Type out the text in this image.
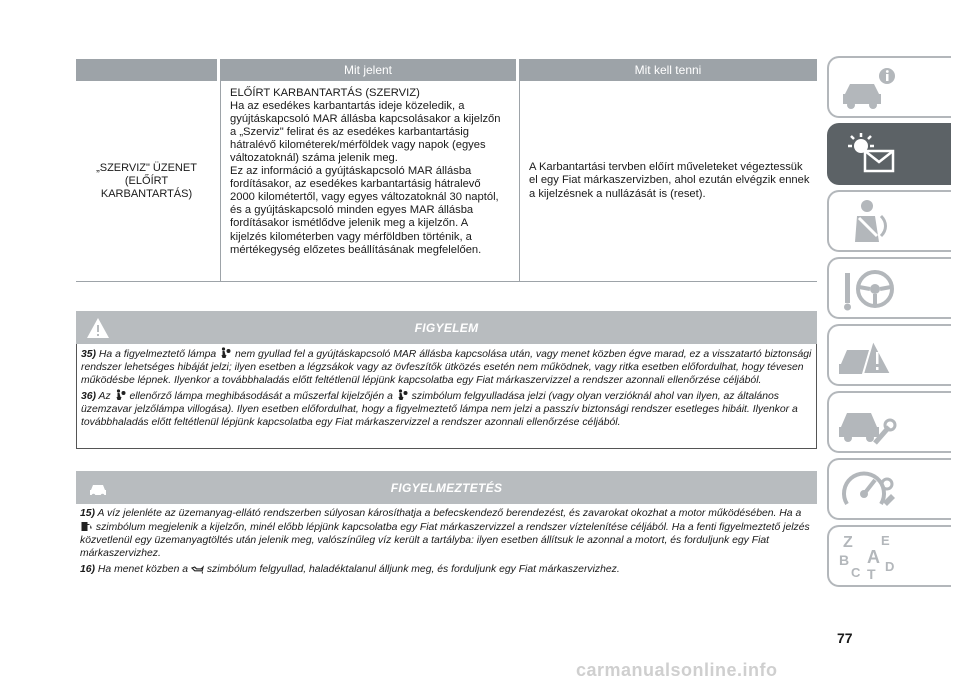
Mit jelent	Mit kell tenni
„SZERVIZ" ÜZENET
(ELŐÍRT
KARBANTARTÁS)
ELŐÍRT KARBANTARTÁS (SZERVIZ)
Ha az esedékes karbantartás ideje közeledik, a
gyújtáskapcsoló MAR állásba kapcsolásakor a kijelzőn
a „Szerviz" felirat és az esedékes karbantartásig
hátralévő kilométerek/mérföldek vagy napok (egyes
változatoknál) száma jelenik meg.
Ez az információ a gyújtáskapcsoló MAR állásba
fordításakor, az esedékes karbantartásig hátralevő
2000 kilométertől, vagy egyes változatoknál 30 naptól,
és a gyújtáskapcsoló minden egyes MAR állásba
fordításakor ismétlődve jelenik meg a kijelzőn. A
kijelzés kilométerben vagy mérföldben történik, a
mértékegység előzetes beállításának megfelelően.
A Karbantartási tervben előírt műveleteket végeztessük
el egy Fiat márkaszervizben, ahol ezután elvégzik ennek
a kijelzésnek a nullázását is (reset).
FIGYELEM

35) Ha a figyelmeztető lámpa nem gyullad fel a gyújtáskapcsoló MAR állásba kapcsolása után, vagy menet közben égve marad, ez a visszatartó biztonsági rendszer lehetséges hibáját jelzi; ilyen esetben a légzsákok vagy az övfeszítők ütközés esetén nem működnek, vagy ritka esetben előfordulhat, hogy tévesen működésbe lépnek. Ilyenkor a továbbhaladás előtt feltétlenül lépjünk kapcsolatba egy Fiat márkaszervizzel a rendszer azonnali ellenőrzése céljából.

36) Az ellenőrző lámpa meghibásodását a műszerfal kijelzőjén a szimbólum felgyulladása jelzi (vagy olyan verzióknál ahol van ilyen, az általános üzemzavar jelzőlámpa villogása). Ilyen esetben előfordulhat, hogy a figyelmeztető lámpa nem jelzi a passzív biztonsági rendszer esetleges hibáit. Ilyenkor a továbbhaladás előtt feltétlenül lépjünk kapcsolatba egy Fiat márkaszervizzel a rendszer azonnali ellenőrzése céljából.

FIGYELMEZTETÉS

15) A víz jelenléte az üzemanyag-ellátó rendszerben súlyosan károsíthatja a befecskendező berendezést, és zavarokat okozhat a motor működésében. Ha a  szimbólum megjelenik a kijelzőn, minél előbb lépjünk kapcsolatba egy Fiat márkaszervizzel a rendszer víztelenítése céljából. Ha a fenti figyelmeztető jelzés közvetlenül egy üzemanyagtöltés után jelenik meg, valószínűleg víz került a tartályba: ilyen esetben állítsuk le azonnal a motort, és forduljunk egy Fiat márkaszervizhez.

16) Ha menet közben a szimbólum felgyullad, haladéktalanul álljunk meg, és forduljunk egy Fiat márkaszervizhez.

Z E
B A
C T D
77
carmanualsonline.info
